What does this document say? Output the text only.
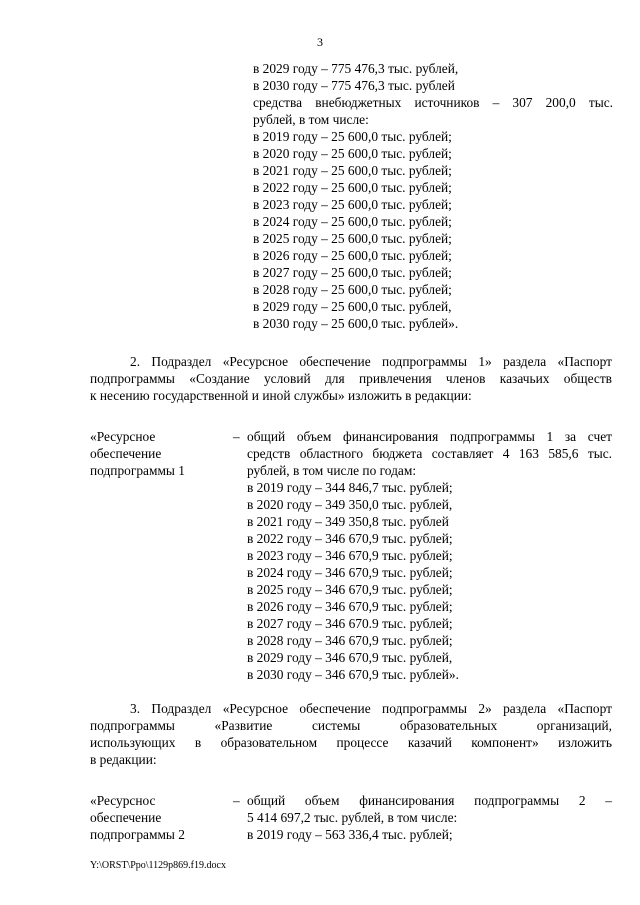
3
в 2029 году – 775 476,3 тыс. рублей,
в 2030 году – 775 476,3 тыс. рублей
средства внебюджетных источников – 307 200,0 тыс.
рублей, в том числе:
в 2019 году – 25 600,0 тыс. рублей;
в 2020 году – 25 600,0 тыс. рублей;
в 2021 году – 25 600,0 тыс. рублей;
в 2022 году – 25 600,0 тыс. рублей;
в 2023 году – 25 600,0 тыс. рублей;
в 2024 году – 25 600,0 тыс. рублей;
в 2025 году – 25 600,0 тыс. рублей;
в 2026 году – 25 600,0 тыс. рублей;
в 2027 году – 25 600,0 тыс. рублей;
в 2028 году – 25 600,0 тыс. рублей;
в 2029 году – 25 600,0 тыс. рублей,
в 2030 году – 25 600,0 тыс. рублей».
2. Подраздел «Ресурсное обеспечение подпрограммы 1» раздела «Паспорт
подпрограммы «Создание условий для привлечения членов казачьих обществ
к несению государственной и иной службы» изложить в редакции:
«Ресурсное
обеспечение
подпрограммы 1
– общий объем финансирования подпрограммы 1 за счет
средств областного бюджета составляет 4 163 585,6 тыс.
рублей, в том числе по годам:
в 2019 году – 344 846,7 тыс. рублей;
в 2020 году – 349 350,0 тыс. рублей,
в 2021 году – 349 350,8 тыс. рублей
в 2022 году – 346 670,9 тыс. рублей;
в 2023 году – 346 670,9 тыс. рублей;
в 2024 году – 346 670,9 тыс. рублей;
в 2025 году – 346 670,9 тыс. рублей;
в 2026 году – 346 670,9 тыс. рублей;
в 2027 году – 346 670.9 тыс. рублей;
в 2028 году – 346 670,9 тыс. рублей;
в 2029 году – 346 670,9 тыс. рублей,
в 2030 году – 346 670,9 тыс. рублей».
3. Подраздел «Ресурсное обеспечение подпрограммы 2» раздела «Паспорт
подпрограммы «Развитие системы образовательных организаций,
использующих в образовательном процессе казачий компонент» изложить
в редакции:
«Ресурснос
обеспечение
подпрограммы 2
– общий объем финансирования подпрограммы 2 –
5 414 697,2 тыс. рублей, в том числе:
в 2019 году – 563 336,4 тыс. рублей;
Y:\ORST\Ppo\1129p869.f19.docx
